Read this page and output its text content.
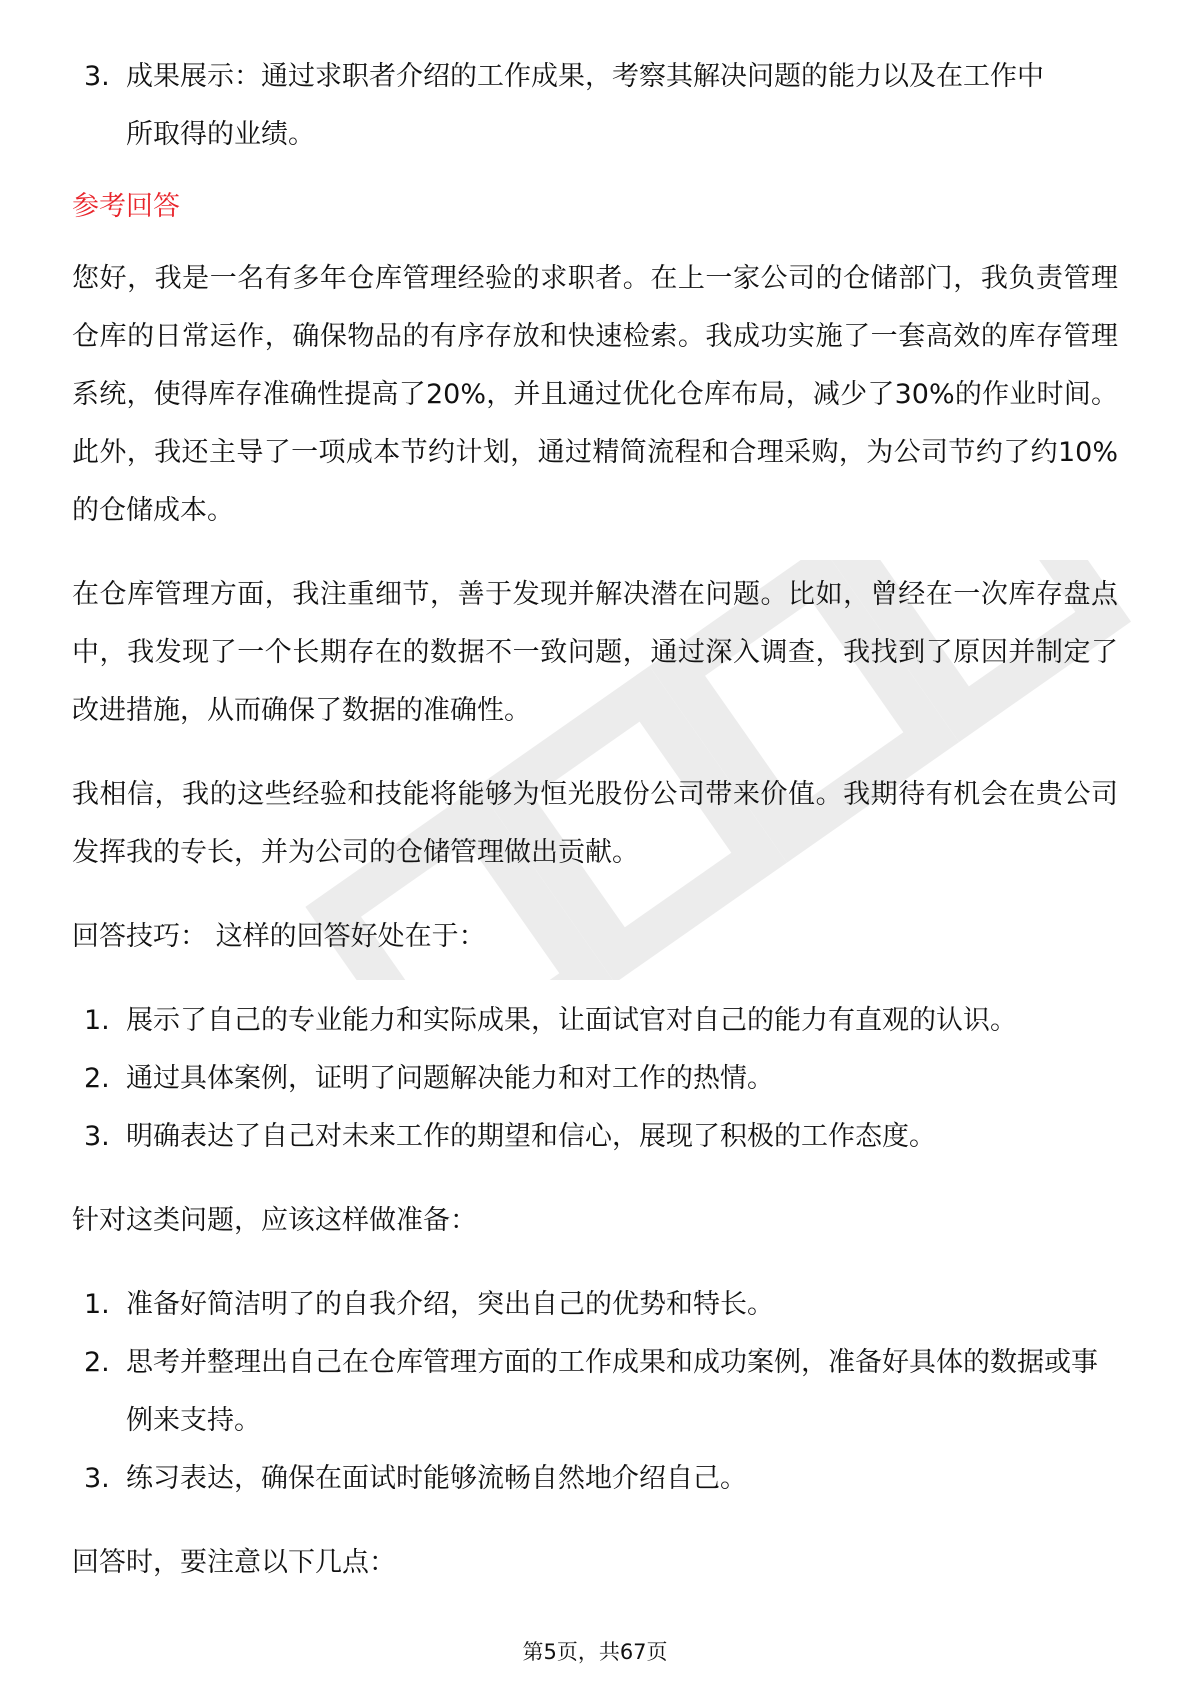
3. 成果展示：通过求职者介绍的工作成果，考察其解决问题的能力以及在工作中
所取得的业绩。

参考回答

您好，我是一名有多年仓库管理经验的求职者。在上一家公司的仓储部门，我负责管理仓库的日常运作，确保物品的有序存放和快速检索。我成功实施了一套高效的库存管理系统，使得库存准确性提高了20%，并且通过优化仓库布局，减少了30%的作业时间。此外，我还主导了一项成本节约计划，通过精简流程和合理采购，为公司节约了约10%的仓储成本。

在仓库管理方面，我注重细节，善于发现并解决潜在问题。比如，曾经在一次库存盘点中，我发现了一个长期存在的数据不一致问题，通过深入调查，我找到了原因并制定了改进措施，从而确保了数据的准确性。

我相信，我的这些经验和技能将能够为恒光股份公司带来价值。我期待有机会在贵公司发挥我的专长，并为公司的仓储管理做出贡献。

回答技巧： 这样的回答好处在于：

1. 展示了自己的专业能力和实际成果，让面试官对自己的能力有直观的认识。

2. 通过具体案例，证明了问题解决能力和对工作的热情。

3. 明确表达了自己对未来工作的期望和信心，展现了积极的工作态度。

针对这类问题，应该这样做准备：

1. 准备好简洁明了的自我介绍，突出自己的优势和特长。

2. 思考并整理出自己在仓库管理方面的工作成果和成功案例，准备好具体的数据或事例来支持。

3. 练习表达，确保在面试时能够流畅自然地介绍自己。

回答时，要注意以下几点：

第5页，共67页
